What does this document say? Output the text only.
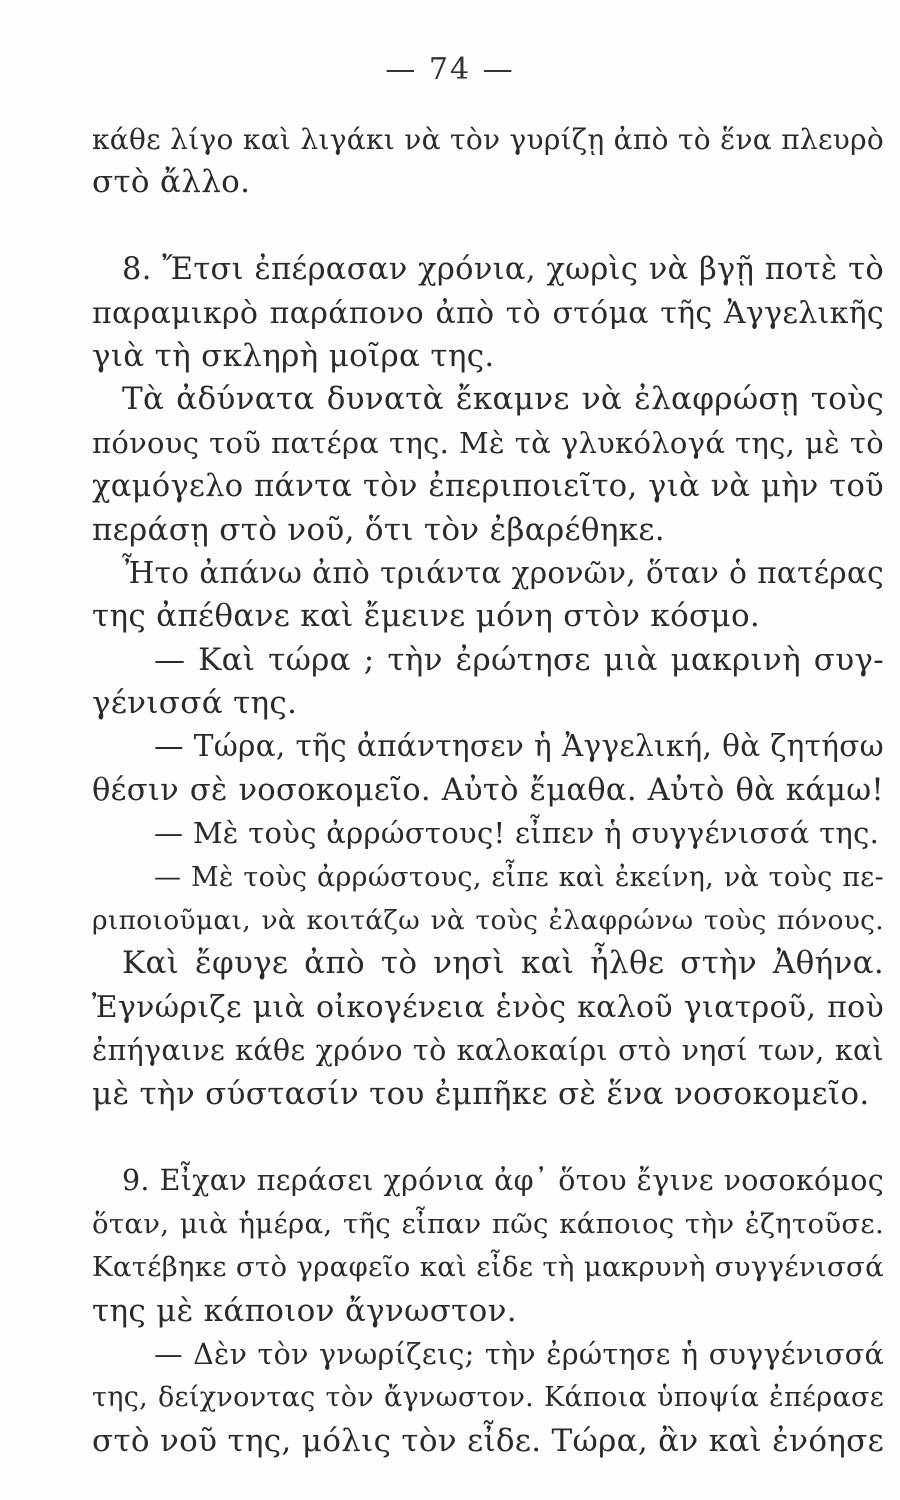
— 74 —
κάθε λίγο καὶ λιγάκι νὰ τὸν γυρίζῃ ἀπὸ τὸ ἕνα πλευρὸ
στὸ ἄλλο.
8. Ἔτσι ἐπέρασαν χρόνια, χωρὶς νὰ βγῇ ποτὲ τὸ
παραμικρὸ παράπονο ἀπὸ τὸ στόμα τῆς Ἀγγελικῆς
γιὰ τὴ σκληρὴ μοῖρα της.
Τὰ ἀδύνατα δυνατὰ ἔκαμνε νὰ ἐλαφρώσῃ τοὺς
πόνους τοῦ πατέρα της. Μὲ τὰ γλυκόλογά της, μὲ τὸ
χαμόγελο πάντα τὸν ἐπεριποιεῖτο, γιὰ νὰ μὴν τοῦ
περάσῃ στὸ νοῦ, ὅτι τὸν ἐβαρέθηκε.
Ἦτο ἀπάνω ἀπὸ τριάντα χρονῶν, ὅταν ὁ πατέρας
της ἀπέθανε καὶ ἔμεινε μόνη στὸν κόσμο.
— Καὶ τώρα ; τὴν ἐρώτησε μιὰ μακρινὴ συγ-
γένισσά της.
— Τώρα, τῆς ἀπάντησεν ἡ Ἀγγελική, θὰ ζητήσω
θέσιν σὲ νοσοκομεῖο. Αὐτὸ ἔμαθα. Αὐτὸ θὰ κάμω!
— Μὲ τοὺς ἀρρώστους! εἶπεν ἡ συγγένισσά της.
— Μὲ τοὺς ἀρρώστους, εἶπε καὶ ἐκείνη, νὰ τοὺς πε-
ριποιοῦμαι, νὰ κοιτάζω νὰ τοὺς ἐλαφρώνω τοὺς πόνους.
Καὶ ἔφυγε ἀπὸ τὸ νησὶ καὶ ἦλθε στὴν Ἀθήνα.
Ἐγνώριζε μιὰ οἰκογένεια ἑνὸς καλοῦ γιατροῦ, ποὺ
ἐπήγαινε κάθε χρόνο τὸ καλοκαίρι στὸ νησί των, καὶ
μὲ τὴν σύστασίν του ἐμπῆκε σὲ ἕνα νοσοκομεῖο.
9. Εἶχαν περάσει χρόνια ἀφ᾽ ὅτου ἔγινε νοσοκόμος
ὅταν, μιὰ ἡμέρα, τῆς εἶπαν πῶς κάποιος τὴν ἐζητοῦσε.
Κατέβηκε στὸ γραφεῖο καὶ εἶδε τὴ μακρυνὴ συγγένισσά
της μὲ κάποιον ἄγνωστον.
— Δὲν τὸν γνωρίζεις; τὴν ἐρώτησε ἡ συγγένισσά
της, δείχνοντας τὸν ἄγνωστον. Κάποια ὑποψία ἐπέρασε
στὸ νοῦ της, μόλις τὸν εἶδε. Τώρα, ἂν καὶ ἐνόησε
